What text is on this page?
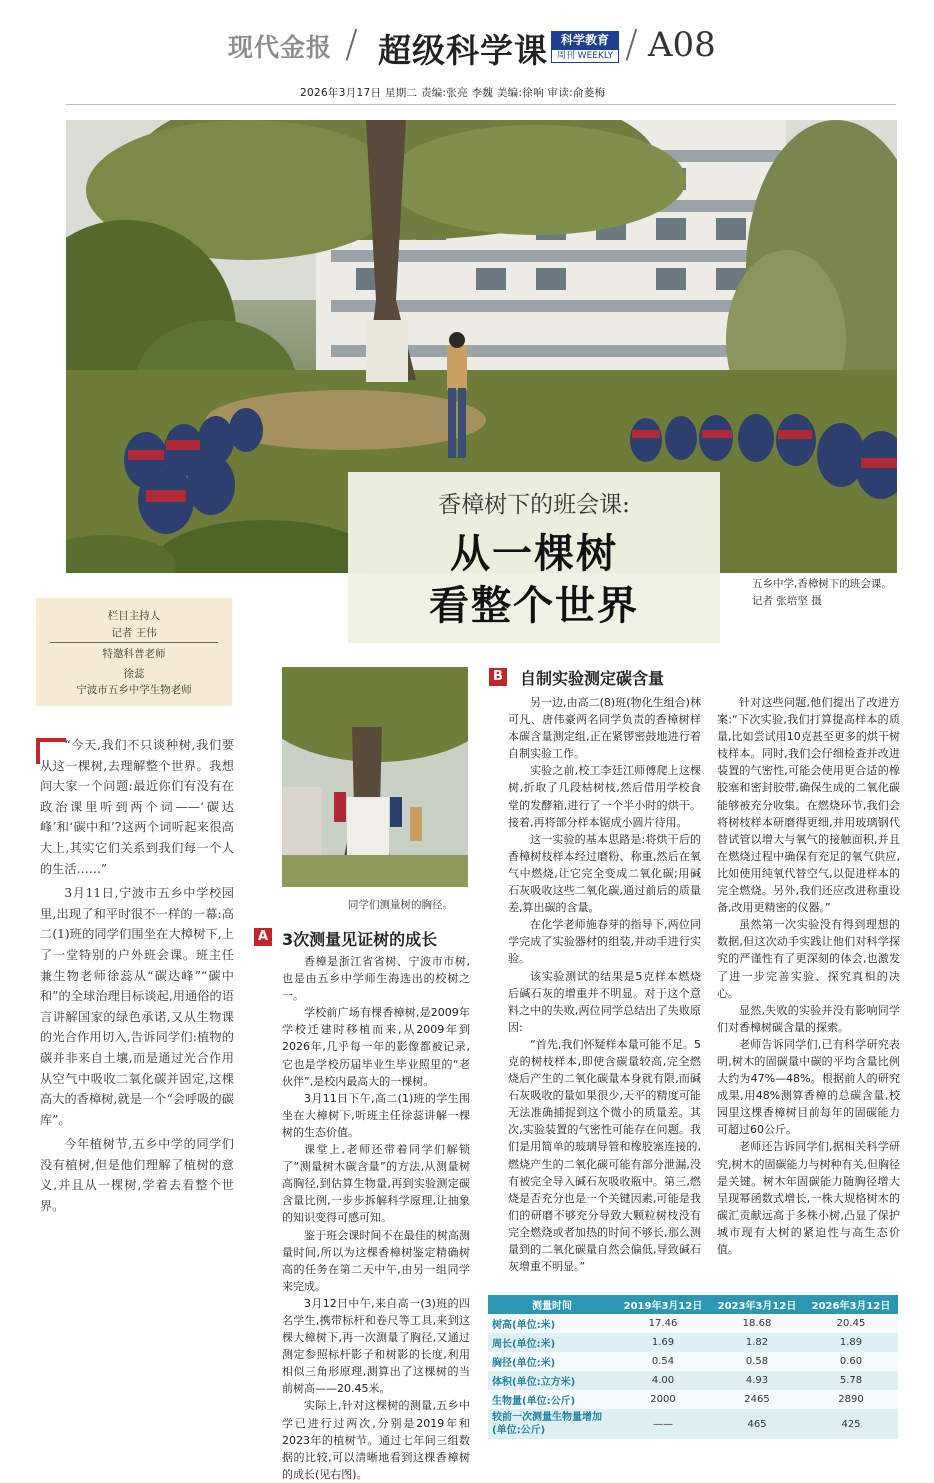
现代金报 / 超级科学课	科学教育
周刊 WEEKLY / A08
2026年3月17日 星期二 责编:张亮 李魏 美编:徐响 审读:俞菱梅
香樟树下的班会课:
从一棵树
看整个世界	五乡中学,香樟树下的班会课。 记者 张培坚 摄
栏目主持人
记者 王伟
特邀科普老师
徐蕊
宁波市五乡中学生物老师

“今天,我们不只谈种树,我们要从这一棵树,去理解整个世界。我想问大家一个问题:最近你们有没有在政治课里听到两个词——‘碳达峰’和‘碳中和’?这两个词听起来很高大上,其实它们关系到我们每一个人的生活……”

3月11日,宁波市五乡中学校园里,出现了和平时很不一样的一幕:高二(1)班的同学们围坐在大樟树下,上了一堂特别的户外班会课。班主任兼生物老师徐蕊从“碳达峰”“碳中和”的全球治理目标谈起,用通俗的语言讲解国家的绿色承诺,又从生物课的光合作用切入,告诉同学们:植物的碳并非来自土壤,而是通过光合作用从空气中吸收二氧化碳并固定,这棵高大的香樟树,就是一个“会呼吸的碳库”。

今年植树节,五乡中学的同学们没有植树,但是他们理解了植树的意义,并且从一棵树,学着去看整个世界。

同学们测量树的胸径。
A 3次测量见证树的成长

香樟是浙江省省树、宁波市市树,也是由五乡中学师生海选出的校树之一。

学校前广场有棵香樟树,是2009年学校迁建时移植而来,从2009年到2026年,几乎每一年的影像都被记录,它也是学校历届毕业生毕业照里的“老伙伴”,是校内最高大的一棵树。

3月11日下午,高二(1)班的学生围坐在大樟树下,听班主任徐蕊讲解一棵树的生态价值。

课堂上,老师还带着同学们解锁了“测量树木碳含量”的方法,从测量树高胸径,到估算生物量,再到实验测定碳含量比例,一步步拆解科学原理,让抽象的知识变得可感可知。

鉴于班会课时间不在最佳的树高测量时间,所以为这棵香樟树鉴定精确树高的任务在第二天中午,由另一组同学来完成。

3月12日中午,来自高一(3)班的四名学生,携带标杆和卷尺等工具,来到这棵大樟树下,再一次测量了胸径,又通过测定参照标杆影子和树影的长度,利用相似三角形原理,测算出了这棵树的当前树高——20.45米。

实际上,针对这棵树的测量,五乡中学已进行过两次,分别是2019年和2023年的植树节。通过七年间三组数据的比较,可以清晰地看到这棵香樟树的成长(见右图)。

B 自制实验测定碳含量

另一边,由高二(8)班(物化生组合)林可凡、唐伟豪两名同学负责的香樟树样本碳含量测定组,正在紧锣密鼓地进行着自制实验工作。

实验之前,校工李廷江师傅爬上这棵树,折取了几段枯树枝,然后借用学校食堂的发酵箱,进行了一个半小时的烘干。接着,再将部分样本锯成小圆片待用。

这一实验的基本思路是:将烘干后的香樟树枝样本经过磨粉、称重,然后在氧气中燃烧,让它完全变成二氧化碳;用碱石灰吸收这些二氧化碳,通过前后的质量差,算出碳的含量。

在化学老师施春芽的指导下,两位同学完成了实验器材的组装,并动手进行实验。

该实验测试的结果是5克样本燃烧后碱石灰的增重并不明显。对于这个意料之中的失败,两位同学总结出了失败原因:

“首先,我们怀疑样本量可能不足。5克的树枝样本,即使含碳量较高,完全燃烧后产生的二氧化碳量本身就有限,而碱石灰吸收的量如果很少,天平的精度可能无法准确捕捉到这个微小的质量差。其次,实验装置的气密性可能存在问题。我们是用简单的玻璃导管和橡胶塞连接的,燃烧产生的二氧化碳可能有部分泄漏,没有被完全导入碱石灰吸收瓶中。第三,燃烧是否充分也是一个关键因素,可能是我们的研磨不够充分导致大颗粒树枝没有完全燃烧或者加热的时间不够长,那么测量到的二氧化碳量自然会偏低,导致碱石灰增重不明显。”

针对这些问题,他们提出了改进方案:“下次实验,我们打算提高样本的质量,比如尝试用10克甚至更多的烘干树枝样本。同时,我们会仔细检查并改进装置的气密性,可能会使用更合适的橡胶塞和密封胶带,确保生成的二氧化碳能够被充分收集。在燃烧环节,我们会将树枝样本研磨得更细,并用玻璃钢代替试管以增大与氧气的接触面积,并且在燃烧过程中确保有充足的氧气供应,比如使用纯氧代替空气,以促进样本的完全燃烧。另外,我们还应改进称重设备,改用更精密的仪器。”

虽然第一次实验没有得到理想的数据,但这次动手实践让他们对科学探究的严谨性有了更深刻的体会,也激发了进一步完善实验、探究真相的决心。

显然,失败的实验并没有影响同学们对香樟树碳含量的探索。

老师告诉同学们,已有科学研究表明,树木的固碳量中碳的平均含量比例大约为47%—48%。根据前人的研究成果,用48%测算香樟的总碳含量,校园里这棵香樟树目前每年的固碳能力可超过60公斤。

老师还告诉同学们,据相关科学研究,树木的固碳能力与树种有关,但胸径是关键。树木年固碳能力随胸径增大呈现幂函数式增长,一株大规格树木的碳汇贡献远高于多株小树,凸显了保护城市现有大树的紧迫性与高生态价值。

测量时间	2019年3月12日	2023年3月12日	2026年3月12日
树高(单位:米)	17.46	18.68	20.45
周长(单位:米)	1.69	1.82	1.89
胸径(单位:米)	0.54	0.58	0.60
体积(单位:立方米)	4.00	4.93	5.78
生物量(单位:公斤)	2000	2465	2890
较前一次测量生物量增加(单位:公斤)	——	465	425
